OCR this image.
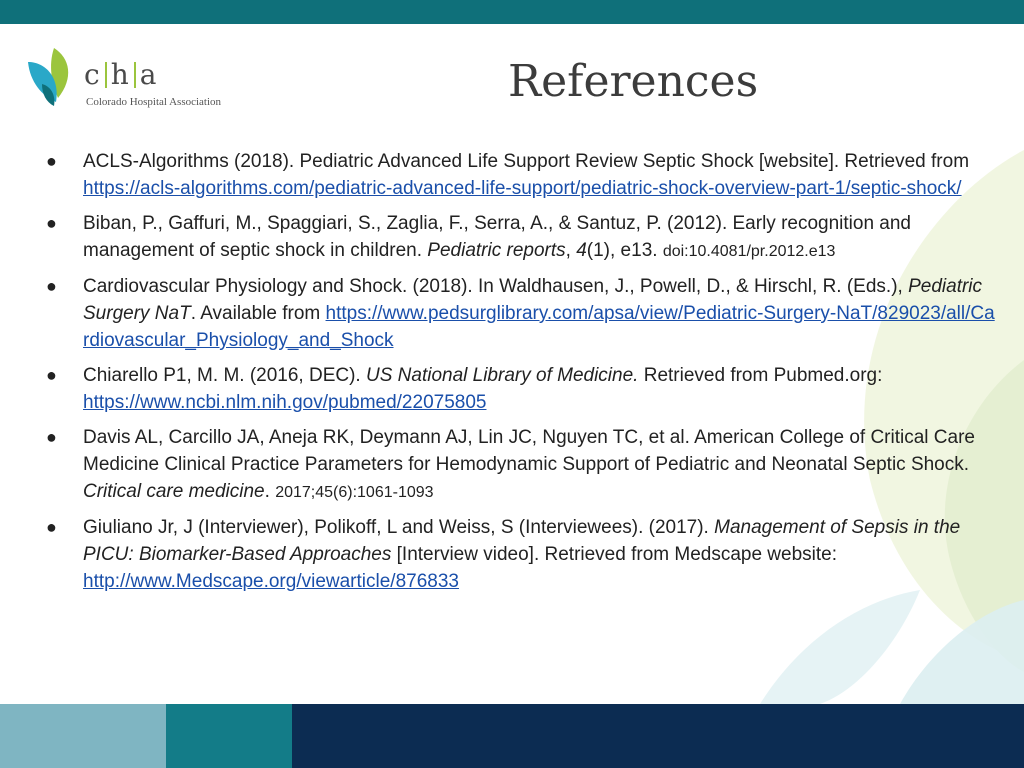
c h a
Colorado Hospital Association	References
● ACLS-Algorithms (2018). Pediatric Advanced Life Support Review Septic Shock [website]. Retrieved from https://acls-algorithms.com/pediatric-advanced-life-support/pediatric-shock-overview-part-1/septic-shock/
● Biban, P., Gaffuri, M., Spaggiari, S., Zaglia, F., Serra, A., & Santuz, P. (2012). Early recognition and management of septic shock in children. Pediatric reports, 4(1), e13. doi:10.4081/pr.2012.e13
● Cardiovascular Physiology and Shock. (2018). In Waldhausen, J., Powell, D., & Hirschl, R. (Eds.), Pediatric Surgery NaT. Available from https://www.pedsurglibrary.com/apsa/view/Pediatric-Surgery-NaT/829023/all/Cardiovascular_Physiology_and_Shock
● Chiarello P1, M. M. (2016, DEC). US National Library of Medicine. Retrieved from Pubmed.org: https://www.ncbi.nlm.nih.gov/pubmed/22075805
● Davis AL, Carcillo JA, Aneja RK, Deymann AJ, Lin JC, Nguyen TC, et al. American College of Critical Care Medicine Clinical Practice Parameters for Hemodynamic Support of Pediatric and Neonatal Septic Shock. Critical care medicine. 2017;45(6):1061-1093
● Giuliano Jr, J (Interviewer), Polikoff, L and Weiss, S (Interviewees). (2017). Management of Sepsis in the PICU: Biomarker-Based Approaches [Interview video]. Retrieved from Medscape website: http://www.Medscape.org/viewarticle/876833
